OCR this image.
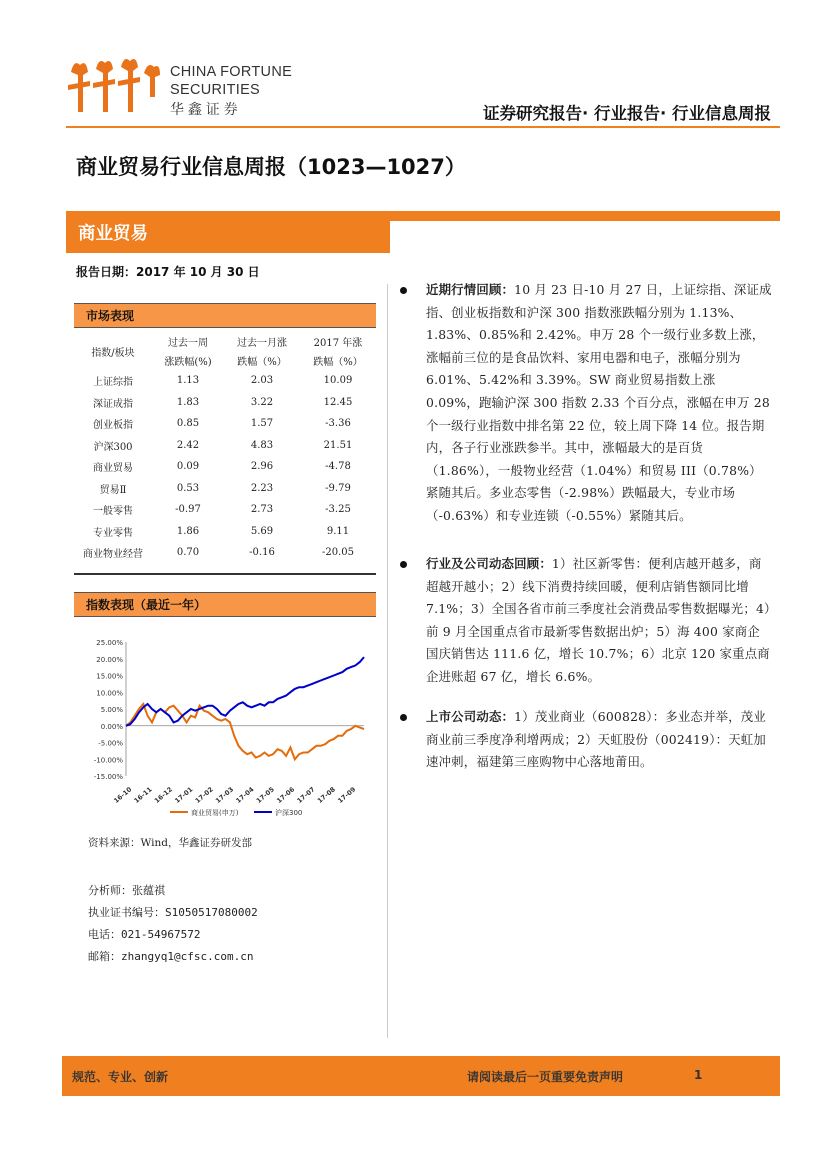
CHINA FORTUNE
SECURITIES
华 鑫 证 券	证券研究报告· 行业报告· 行业信息周报
商业贸易行业信息周报（1023—1027）
商业贸易
报告日期：2017 年 10 月 30 日
市场表现
指数/板块	过去一周	过去一月涨	2017 年涨
	涨跌幅(%)	跌幅（%）	跌幅（%）
上证综指	1.13	2.03	10.09
深证成指	1.83	3.22	12.45
创业板指	0.85	1.57	-3.36
沪深300	2.42	4.83	21.51
商业贸易	0.09	2.96	-4.78
贸易Ⅱ	0.53	2.23	-9.79
一般零售	-0.97	2.73	-3.25
专业零售	1.86	5.69	9.11
商业物业经营	0.70	-0.16	-20.05
指数表现（最近一年）
25.00%
20.00%
15.00%
10.00%
5.00%
0.00%
-5.00%
-10.00%
-15.00%
16-10 16-11 16-12 17-01 17-02 17-03 17-04 17-05 17-06 17-07 17-08 17-09
商业贸易(申万)	沪深300
资料来源：Wind，华鑫证券研发部
分析师：张蕴祺
执业证书编号：S1050517080002
电话：021-54967572
邮箱：zhangyq1@cfsc.com.cn
近期行情回顾：10 月 23 日-10 月 27 日，上证综指、深证成指、创业板指数和沪深 300 指数涨跌幅分别为 1.13%、1.83%、0.85%和 2.42%。申万 28 个一级行业多数上涨，涨幅前三位的是食品饮料、家用电器和电子，涨幅分别为 6.01%、5.42%和 3.39%。SW 商业贸易指数上涨 0.09%，跑输沪深 300 指数 2.33 个百分点，涨幅在申万 28 个一级行业指数中排名第 22 位，较上周下降 14 位。报告期内，各子行业涨跌参半。其中，涨幅最大的是百货（1.86%），一般物业经营（1.04%）和贸易 III（0.78%）紧随其后。多业态零售（-2.98%）跌幅最大，专业市场（-0.63%）和专业连锁（-0.55%）紧随其后。
行业及公司动态回顾：1）社区新零售：便利店越开越多，商超越开越小；2）线下消费持续回暖，便利店销售额同比增 7.1%；3）全国各省市前三季度社会消费品零售数据曝光；4）前 9 月全国重点省市最新零售数据出炉；5）海 400 家商企国庆销售达 111.6 亿，增长 10.7%；6）北京 120 家重点商企进账超 67 亿，增长 6.6%。
上市公司动态：1）茂业商业（600828）：多业态并举，茂业商业前三季度净利增两成；2）天虹股份（002419）：天虹加速冲刺，福建第三座购物中心落地莆田。
规范、专业、创新	请阅读最后一页重要免责声明	1
